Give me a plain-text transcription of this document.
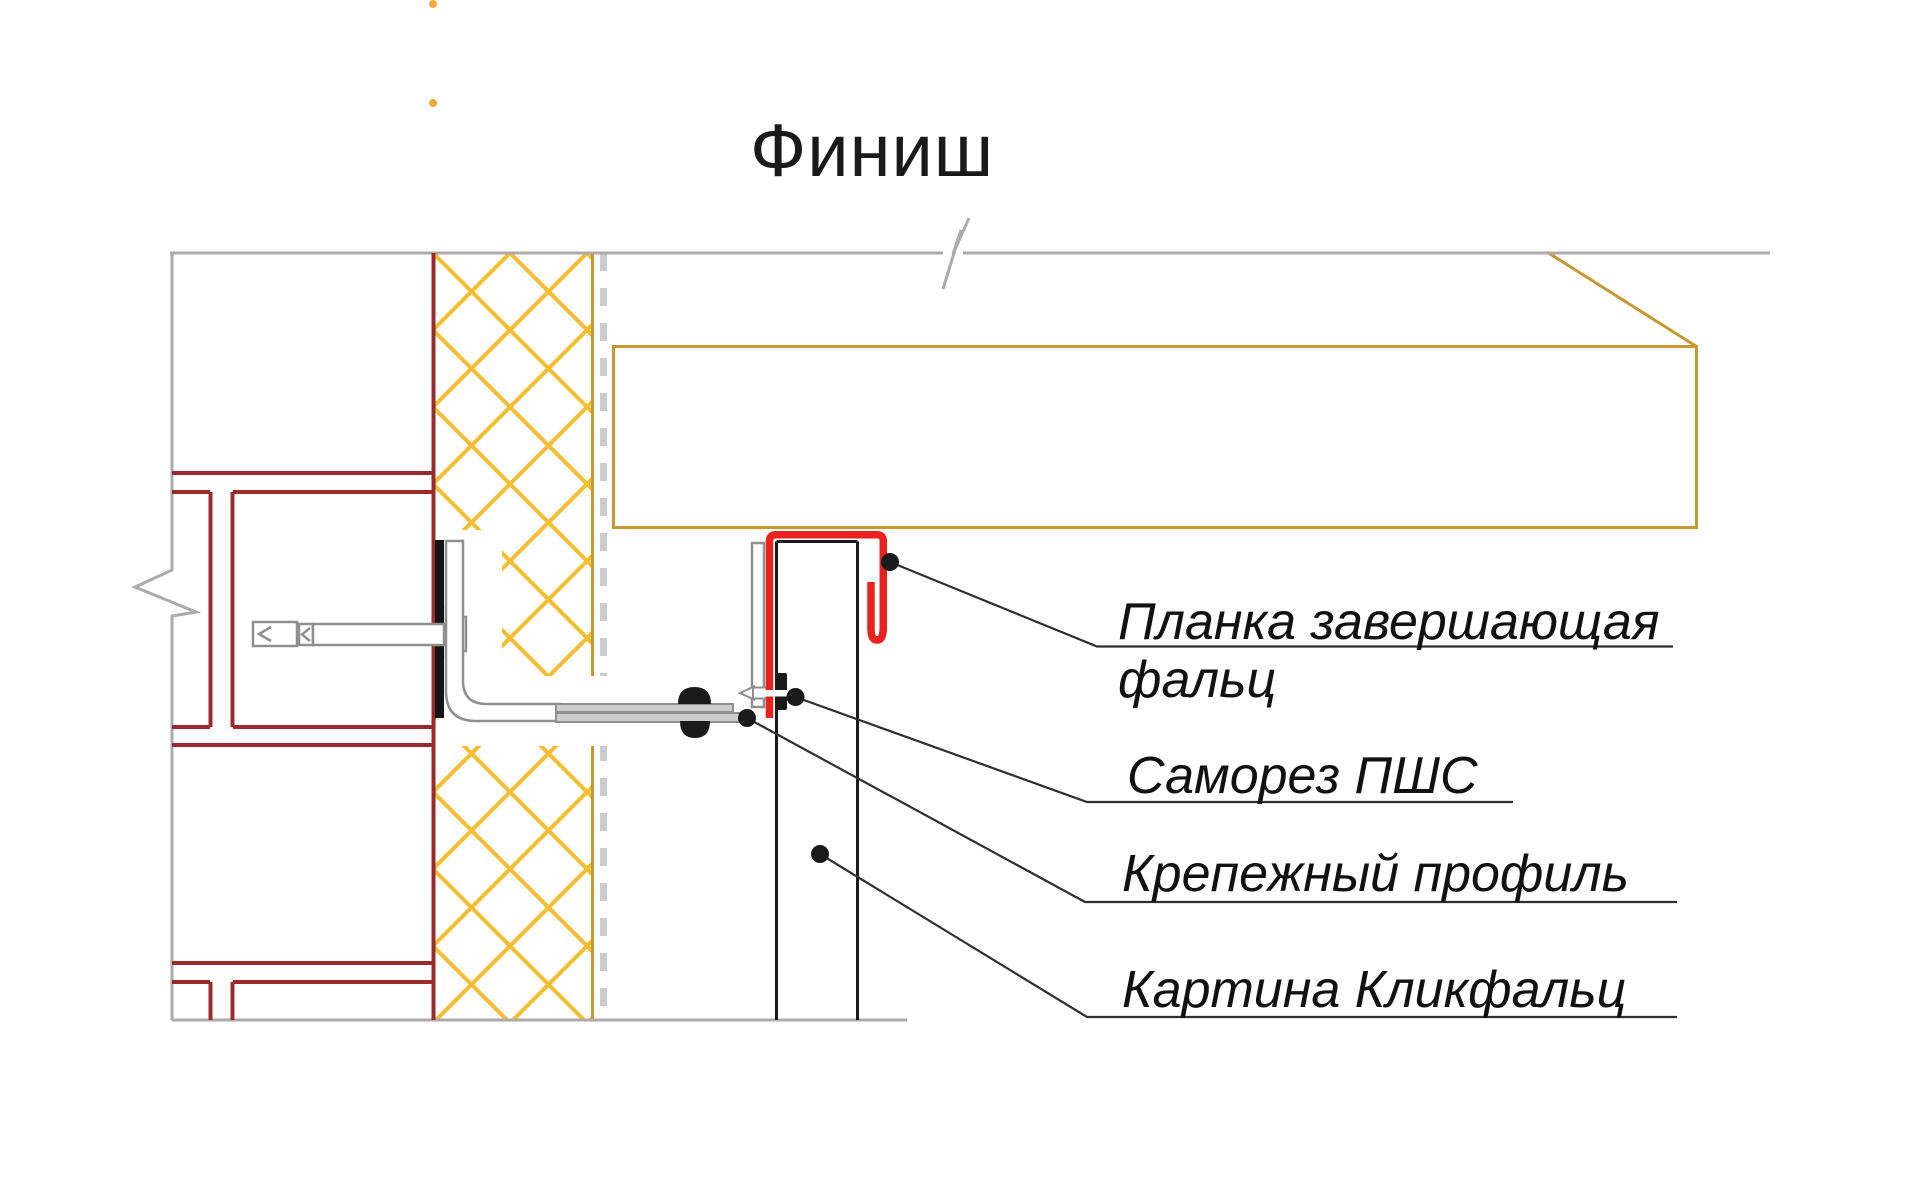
Финиш
Планка завершающая
фальц
Саморез ПШС
Крепежный профиль
Картина Кликфальц
